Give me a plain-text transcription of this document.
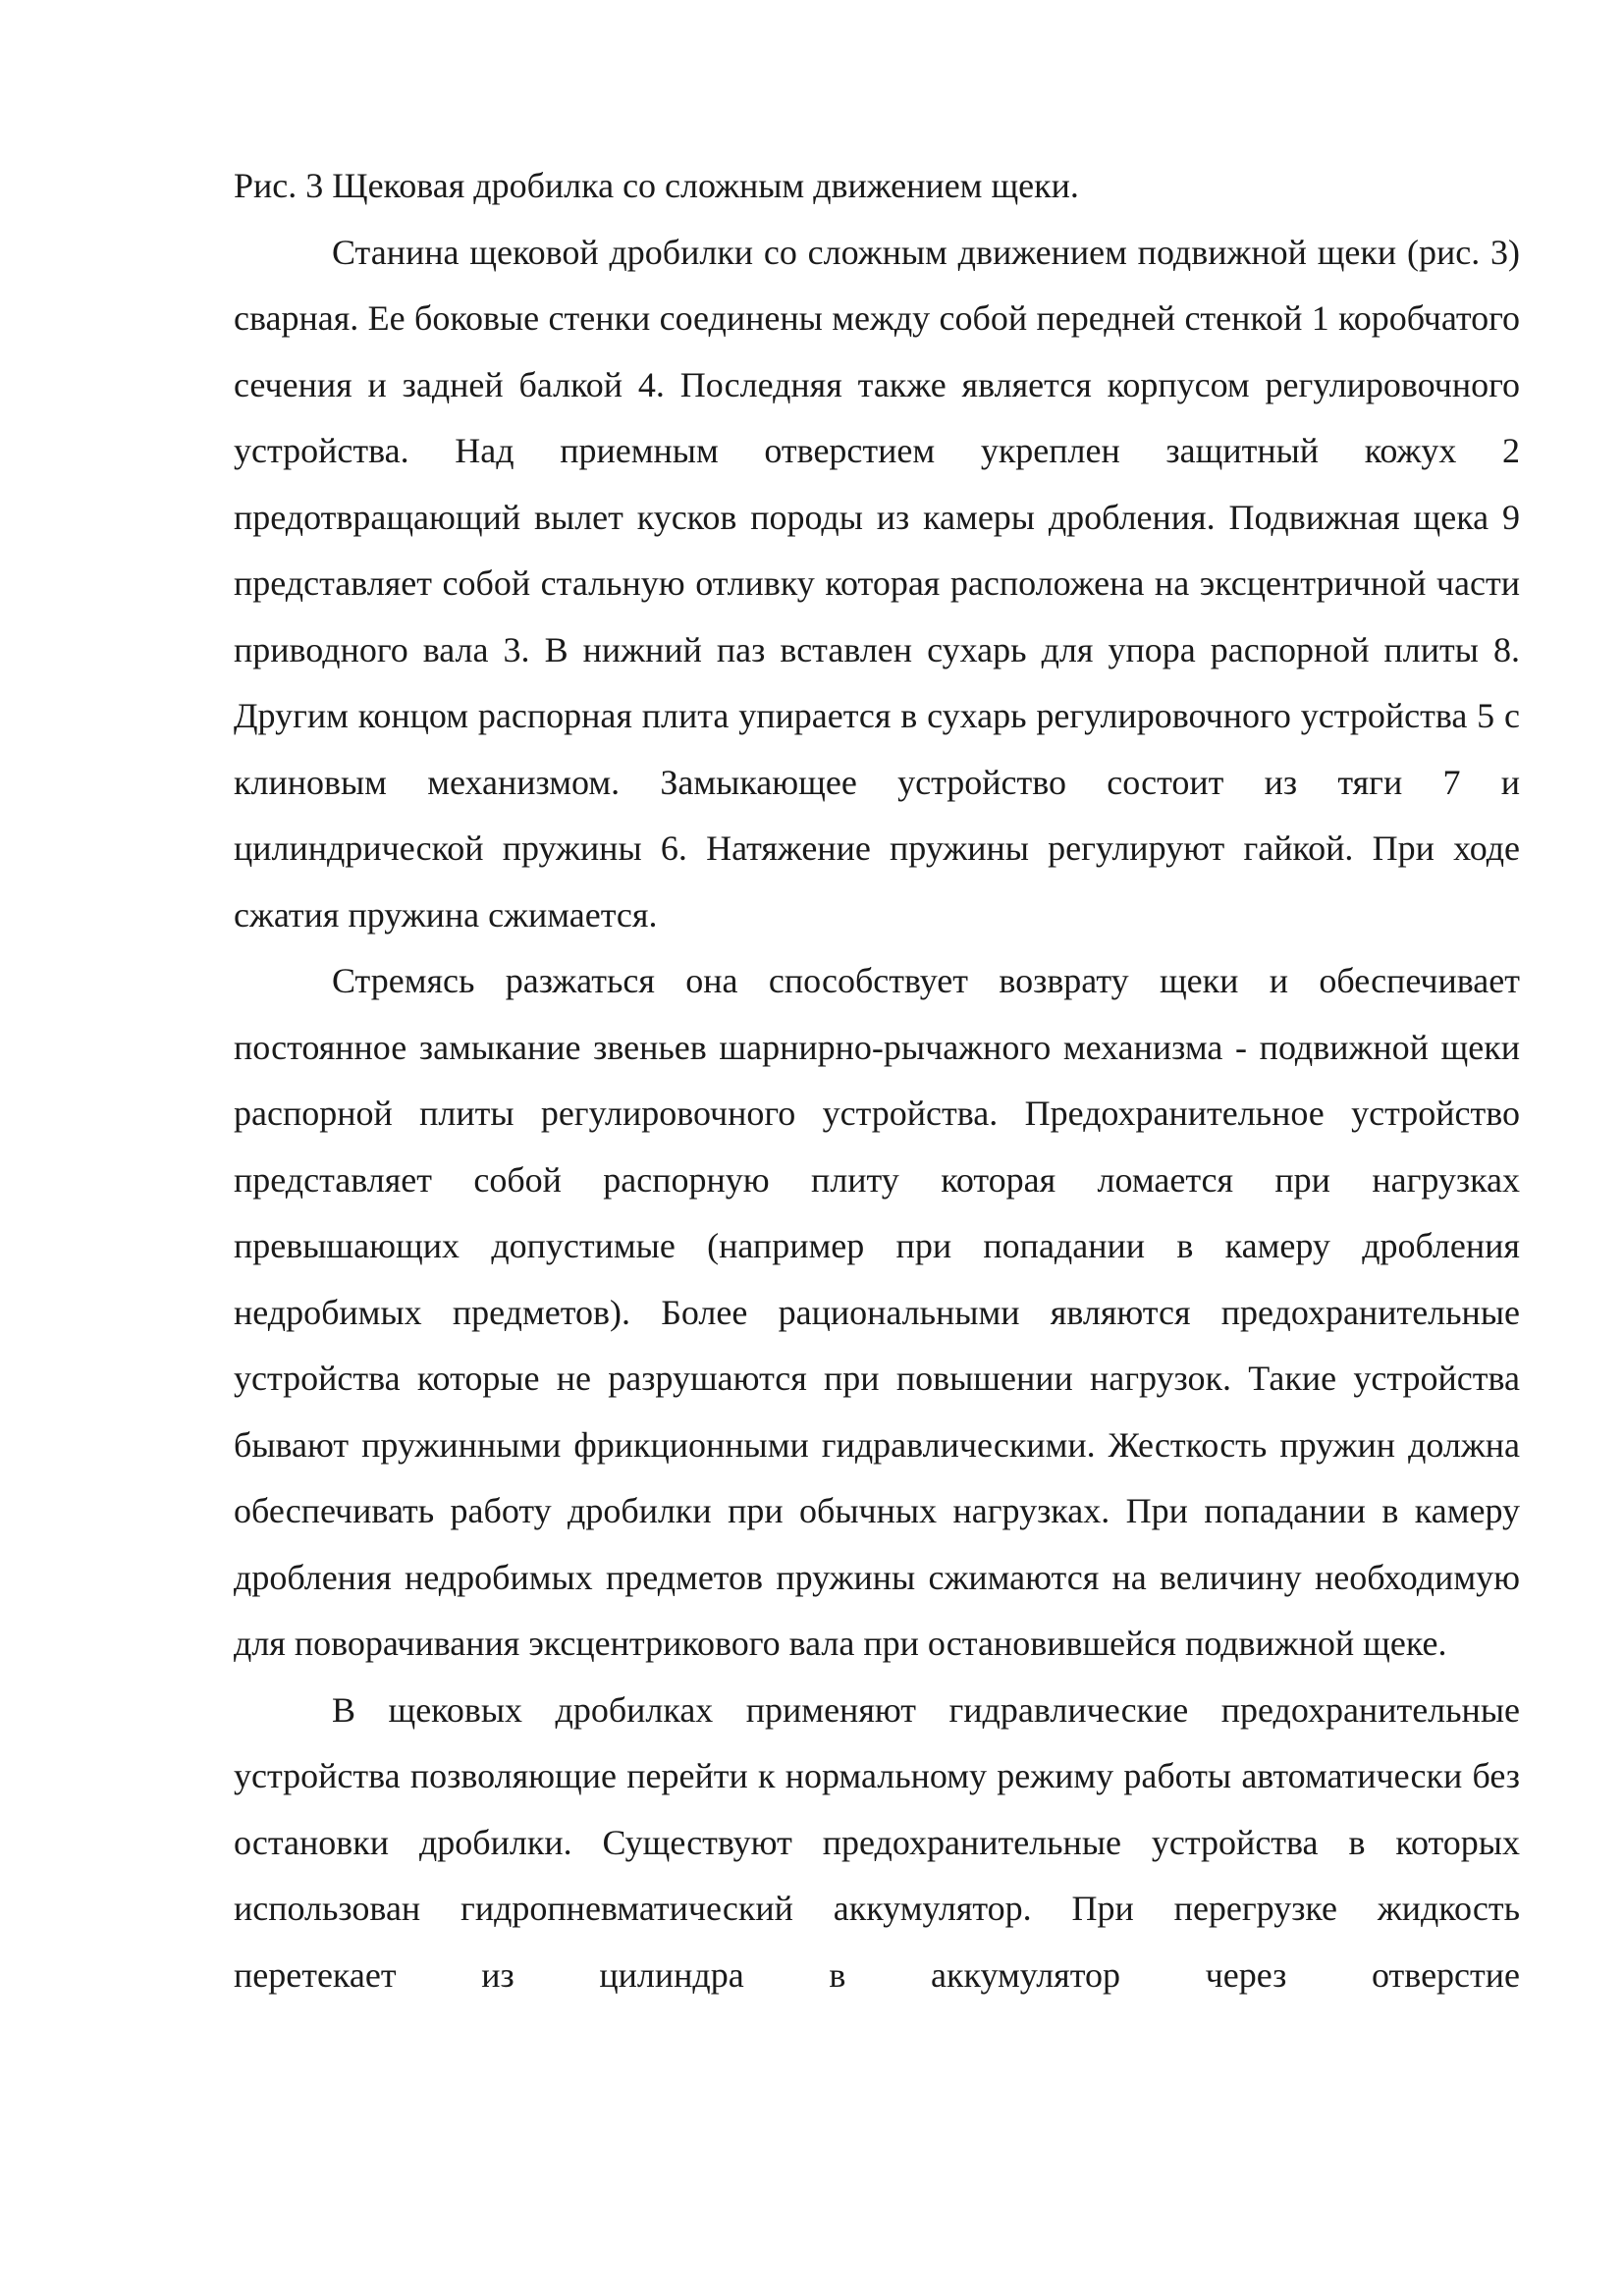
Рис. 3 Щековая дробилка со сложным движением щеки.

Станина щековой дробилки со сложным движением подвижной щеки (рис. 3) сварная. Ее боковые стенки соединены между собой передней стенкой 1 коробчатого сечения и задней балкой 4. Последняя также является корпусом регулировочного устройства. Над приемным отверстием укреплен защитный кожух 2 предотвращающий вылет кусков породы из камеры дробления. Подвижная щека 9 представляет собой стальную отливку которая расположена на эксцентричной части приводного вала 3. В нижний паз вставлен сухарь для упора распорной плиты 8. Другим концом распорная плита упирается в сухарь регулировочного устройства 5 с клиновым механизмом. Замыкающее устройство состоит из тяги 7 и цилиндрической пружины 6. Натяжение пружины регулируют гайкой. При ходе сжатия пружина сжимается.

Стремясь разжаться она способствует возврату щеки и обеспечивает постоянное замыкание звеньев шарнирно-рычажного механизма - подвижной щеки распорной плиты регулировочного устройства. Предохранительное устройство представляет собой распорную плиту которая ломается при нагрузках превышающих допустимые (например при попадании в камеру дробления недробимых предметов). Более рациональными являются предохранительные устройства которые не разрушаются при повышении нагрузок. Такие устройства бывают пружинными фрикционными гидравлическими. Жесткость пружин должна обеспечивать работу дробилки при обычных нагрузках. При попадании в камеру дробления недробимых предметов пружины сжимаются на величину необходимую для поворачивания эксцентрикового вала при остановившейся подвижной щеке.

В щековых дробилках применяют гидравлические предохранительные устройства позволяющие перейти к нормальному режиму работы автоматически без остановки дробилки. Существуют предохранительные устройства в которых использован гидропневматический аккумулятор. При перегрузке жидкость перетекает из цилиндра в аккумулятор через отверстие
